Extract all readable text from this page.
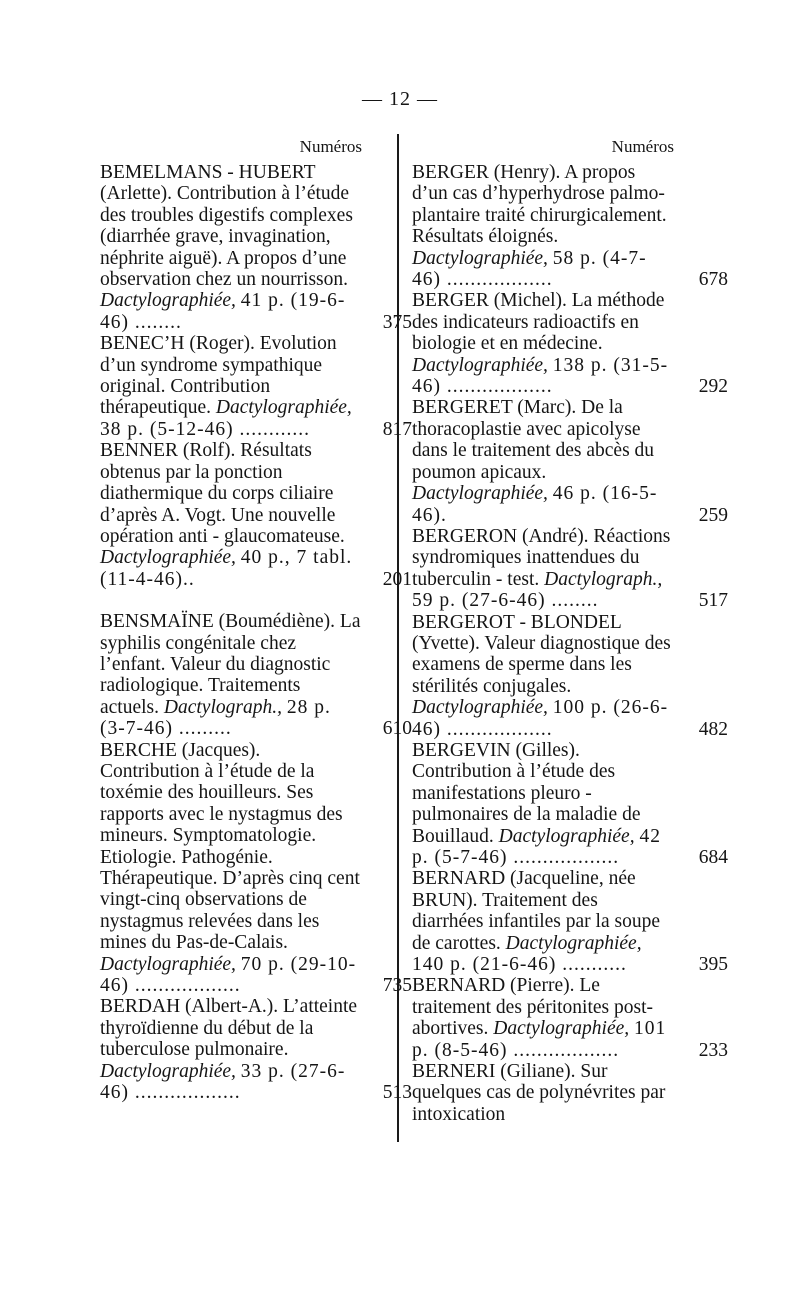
— 12 —
Numéros
BEMELMANS - HUBERT (Arlette). Contribution à l’étude des troubles digestifs complexes (diarrhée grave, invagination, néphrite aiguë). A propos d’une observation chez un nourrisson. Dactylographiée, 41 p. (19-6-46) ........	375
BENEC’H (Roger). Evolution d’un syndrome sympathique original. Contribution thérapeutique. Dactylographiée, 38 p. (5-12-46) ............	817
BENNER (Rolf). Résultats obtenus par la ponction diathermique du corps ciliaire d’après A. Vogt. Une nouvelle opération anti - glaucomateuse. Dactylographiée, 40 p., 7 tabl. (11-4-46)..	201
BENSMAÏNE (Boumédiène). La syphilis congénitale chez l’enfant. Valeur du diagnostic radiologique. Traitements actuels. Dactylograph., 28 p. (3-7-46) .........	610
BERCHE (Jacques). Contribution à l’étude de la toxémie des houilleurs. Ses rapports avec le nystagmus des mineurs. Symptomatologie. Etiologie. Pathogénie. Thérapeutique. D’après cinq cent vingt-cinq observations de nystagmus relevées dans les mines du Pas-de-Calais. Dactylographiée, 70 p. (29-10-46) ..................	735
BERDAH (Albert-A.). L’atteinte thyroïdienne du début de la tuberculose pulmonaire. Dactylographiée, 33 p. (27-6-46) ..................	513
Numéros
BERGER (Henry). A propos d’un cas d’hyperhydrose palmo-plantaire traité chirurgicalement. Résultats éloignés. Dactylographiée, 58 p. (4-7-46) ..................	678
BERGER (Michel). La méthode des indicateurs radioactifs en biologie et en médecine. Dactylographiée, 138 p. (31-5-46) ..................	292
BERGERET (Marc). De la thoracoplastie avec apicolyse dans le traitement des abcès du poumon apicaux. Dactylographiée, 46 p. (16-5-46).	259
BERGERON (André). Réactions syndromiques inattendues du tuberculin - test. Dactylograph., 59 p. (27-6-46) ........	517
BERGEROT - BLONDEL (Yvette). Valeur diagnostique des examens de sperme dans les stérilités conjugales. Dactylographiée, 100 p. (26-6-46) ..................	482
BERGEVIN (Gilles). Contribution à l’étude des manifestations pleuro - pulmonaires de la maladie de Bouillaud. Dactylographiée, 42 p. (5-7-46) ..................	684
BERNARD (Jacqueline, née BRUN). Traitement des diarrhées infantiles par la soupe de carottes. Dactylographiée, 140 p. (21-6-46) ...........	395
BERNARD (Pierre). Le traitement des péritonites post-abortives. Dactylographiée, 101 p. (8-5-46) ..................	233
BERNERI (Giliane). Sur quelques cas de polynévrites par intoxication
